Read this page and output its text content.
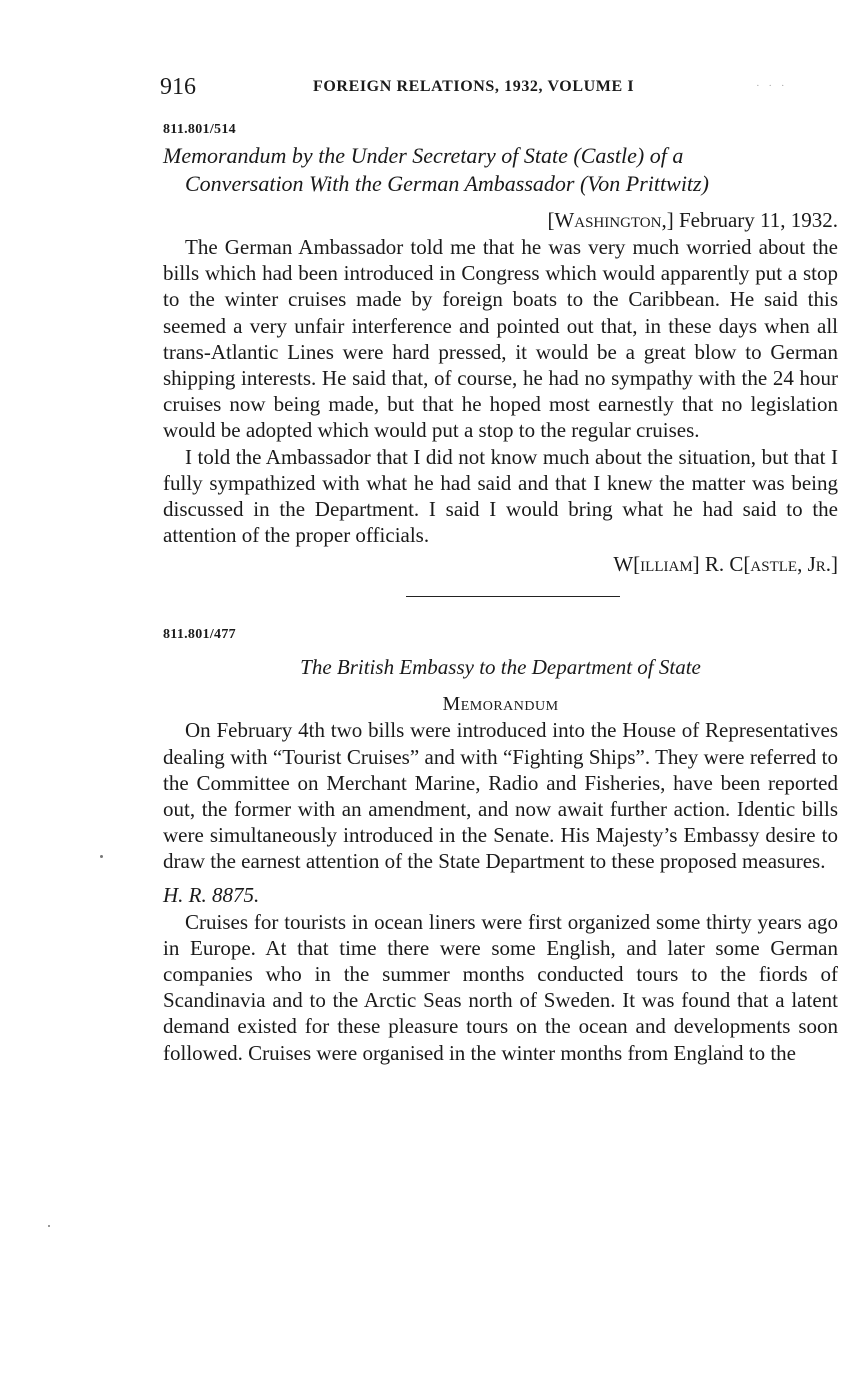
· · ·
916	FOREIGN RELATIONS, 1932, VOLUME I
811.801/514
Memorandum by the Under Secretary of State (Castle) of a
Conversation With the German Ambassador (Von Prittwitz)
[Washington,] February 11, 1932.

The German Ambassador told me that he was very much worried about the bills which had been introduced in Congress which would apparently put a stop to the winter cruises made by foreign boats to the Caribbean. He said this seemed a very unfair interference and pointed out that, in these days when all trans-Atlantic Lines were hard pressed, it would be a great blow to German shipping interests. He said that, of course, he had no sympathy with the 24 hour cruises now being made, but that he hoped most earnestly that no legislation would be adopted which would put a stop to the regular cruises.

I told the Ambassador that I did not know much about the situation, but that I fully sympathized with what he had said and that I knew the matter was being discussed in the Department. I said I would bring what he had said to the attention of the proper officials.

W[illiam] R. C[astle, Jr.]
811.801/477
The British Embassy to the Department of State
Memorandum

On February 4th two bills were introduced into the House of Representatives dealing with “Tourist Cruises” and with “Fighting Ships”. They were referred to the Committee on Merchant Marine, Radio and Fisheries, have been reported out, the former with an amendment, and now await further action. Identic bills were simultaneously introduced in the Senate. His Majesty’s Embassy desire to draw the earnest attention of the State Department to these proposed measures.

H. R. 8875.

Cruises for tourists in ocean liners were first organized some thirty years ago in Europe. At that time there were some English, and later some German companies who in the summer months conducted tours to the fiords of Scandinavia and to the Arctic Seas north of Sweden. It was found that a latent demand existed for these pleasure tours on the ocean and developments soon followed. Cruises were organised in the winter months from England to the
